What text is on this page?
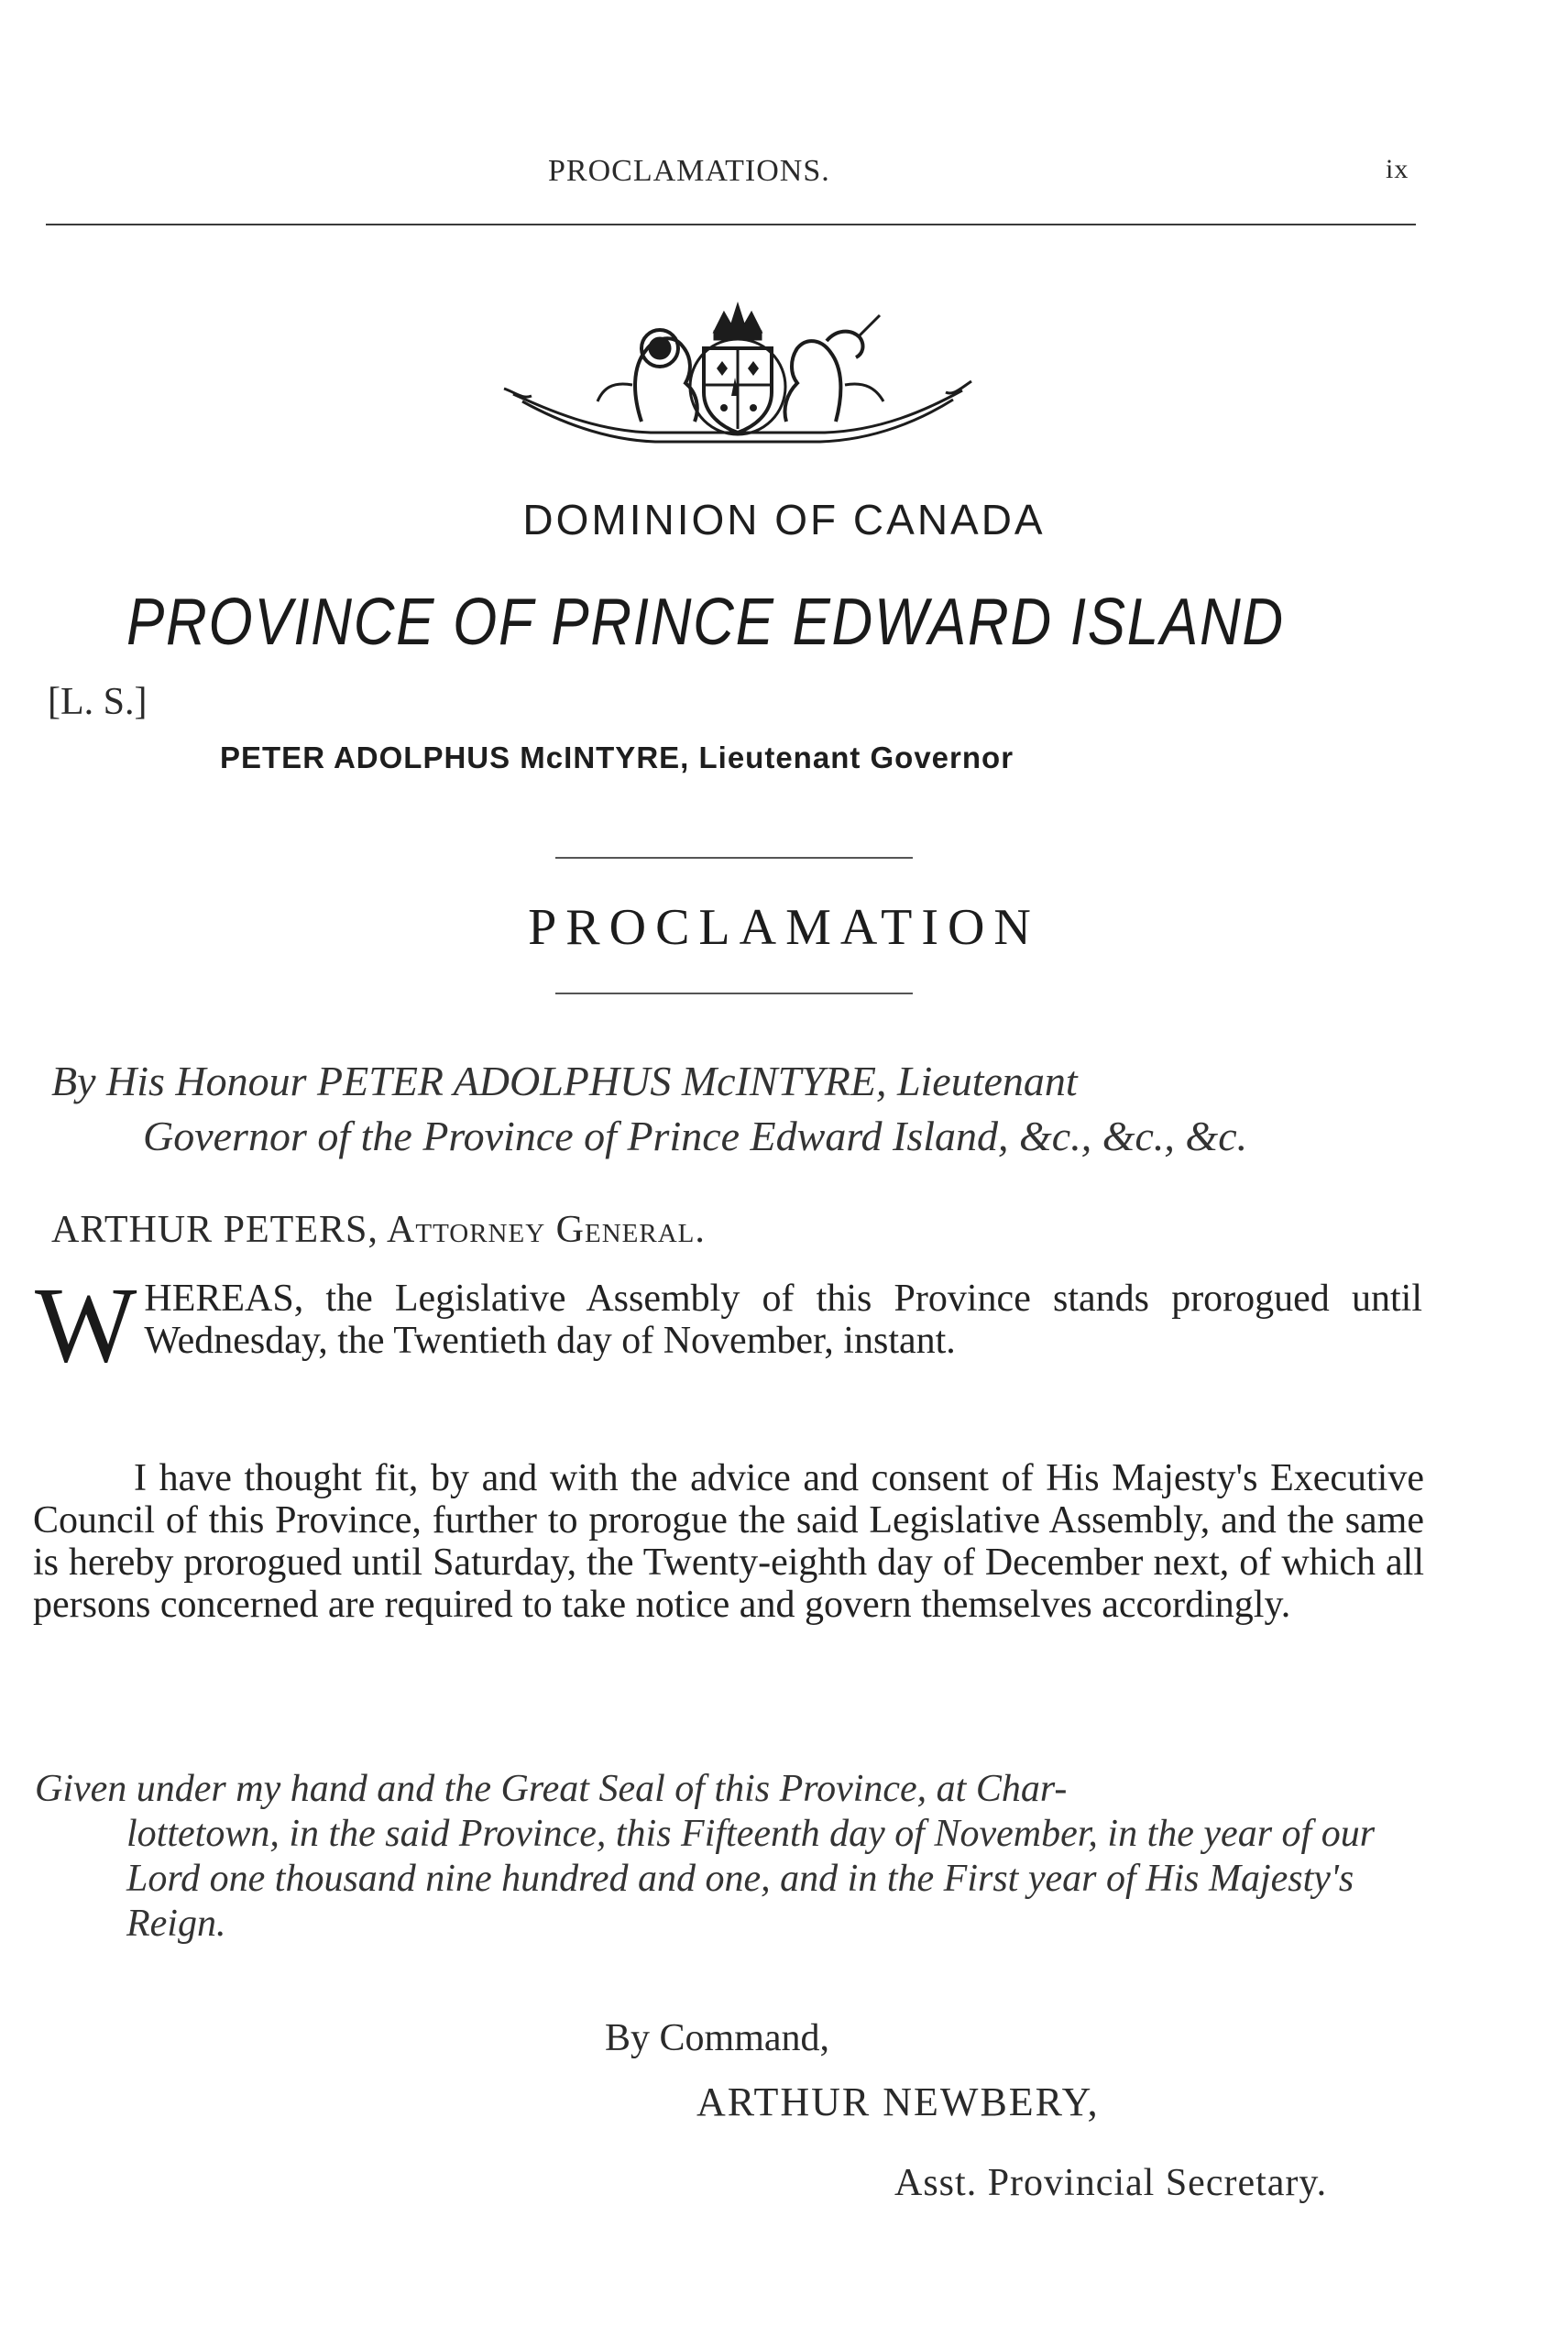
PROCLAMATIONS.	ix
DOMINION OF CANADA
PROVINCE OF PRINCE EDWARD ISLAND
[L. S.]
PETER ADOLPHUS McINTYRE, Lieutenant Governor
PROCLAMATION
By His Honour PETER ADOLPHUS McINTYRE, Lieutenant
Governor of the Province of Prince Edward Island, &c., &c., &c.
ARTHUR PETERS, Attorney General.
W HEREAS, the Legislative Assembly of this Province stands prorogued until Wednesday, the Twentieth day of November, instant.
I have thought fit, by and with the advice and consent of His Majesty's Executive Council of this Province, further to prorogue the said Legislative Assembly, and the same is hereby prorogued until Saturday, the Twenty-eighth day of December next, of which all persons concerned are required to take notice and govern themselves accordingly.
Given under my hand and the Great Seal of this Province, at Char-
lottetown, in the said Province, this Fifteenth day of November, in the year of our Lord one thousand nine hundred and one, and in the First year of His Majesty's Reign.
By Command,
ARTHUR NEWBERY,
Asst. Provincial Secretary.
